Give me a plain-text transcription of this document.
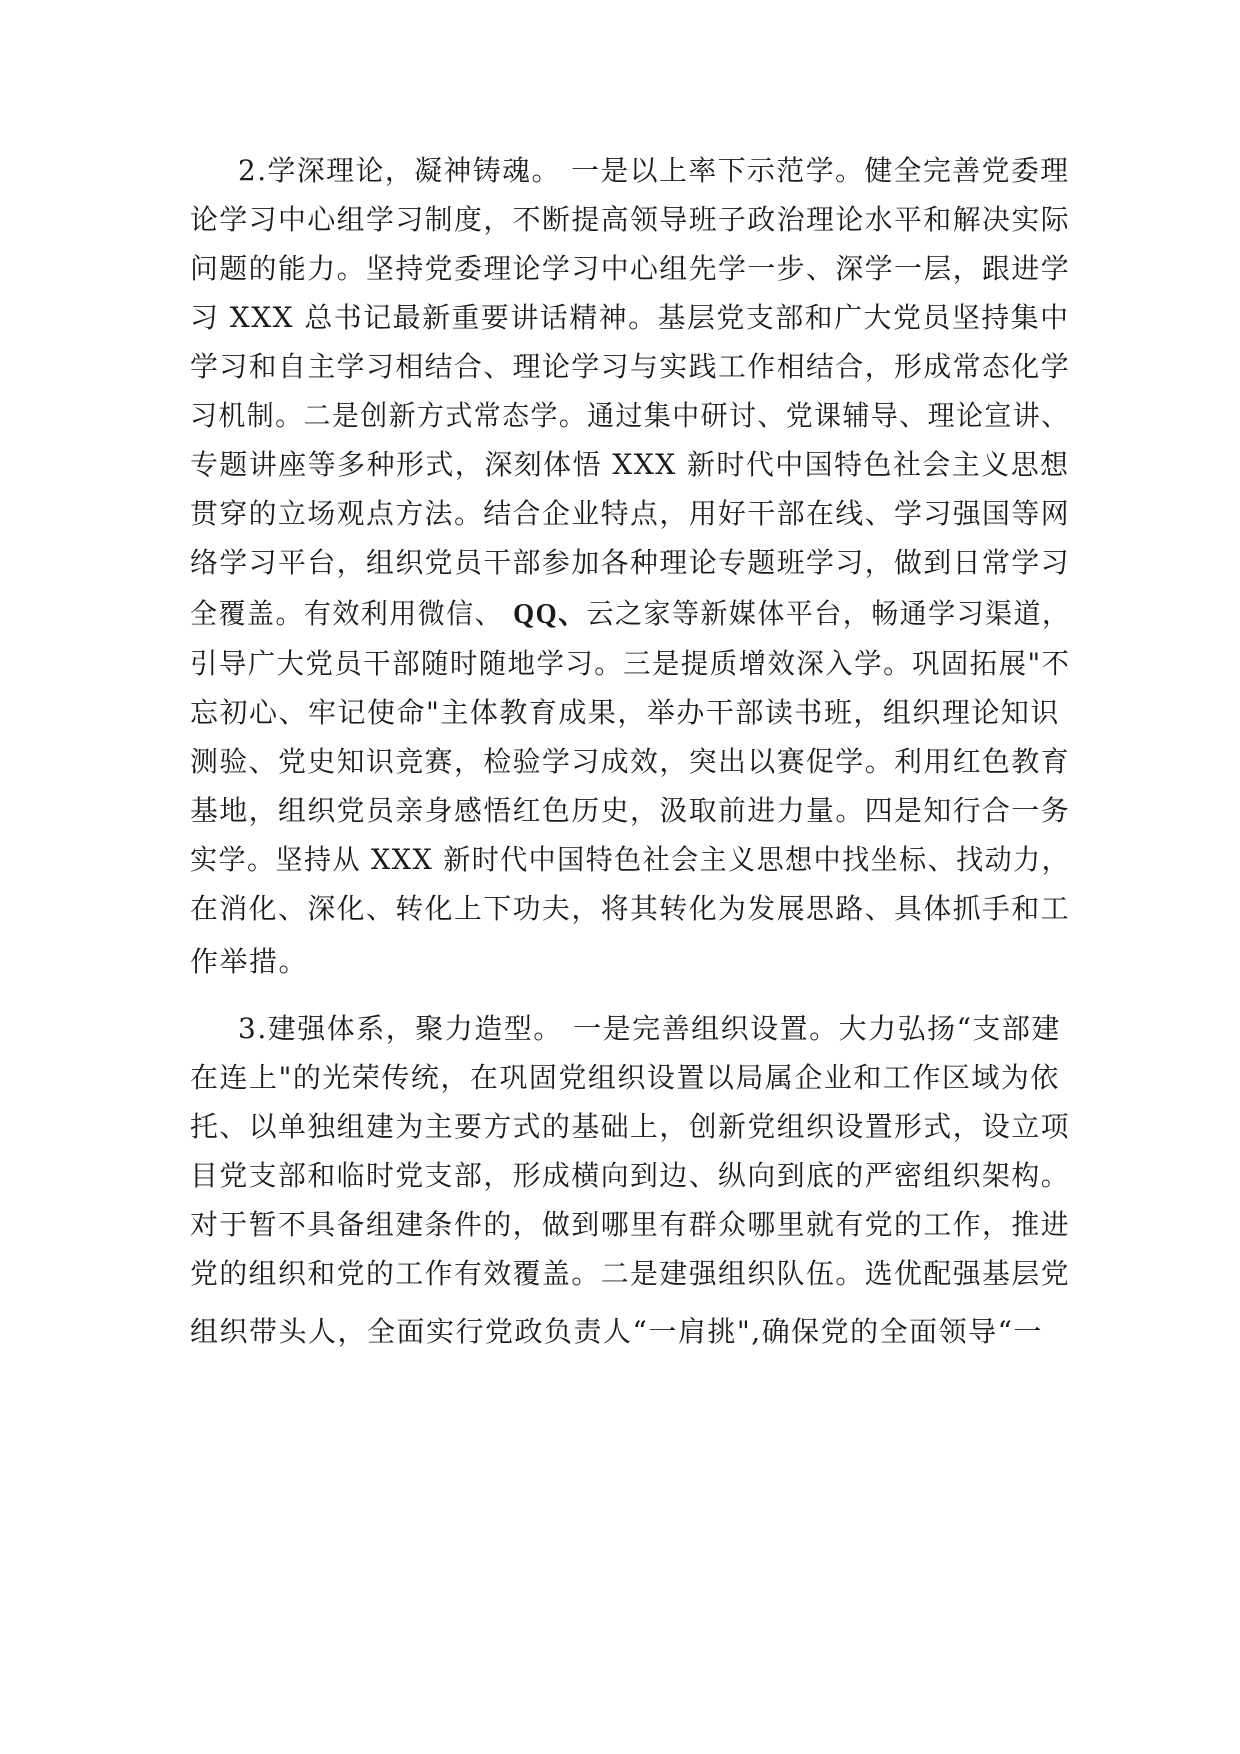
2.学深理论，凝神铸魂。 一是以上率下示范学。健全完善党委理
论学习中心组学习制度，不断提高领导班子政治理论水平和解决实际
问题的能力。坚持党委理论学习中心组先学一步、深学一层，跟进学
习 XXX 总书记最新重要讲话精神。基层党支部和广大党员坚持集中
学习和自主学习相结合、理论学习与实践工作相结合，形成常态化学
习机制。二是创新方式常态学。通过集中研讨、党课辅导、理论宣讲、
专题讲座等多种形式，深刻体悟 XXX 新时代中国特色社会主义思想
贯穿的立场观点方法。结合企业特点，用好干部在线、学习强国等网
络学习平台，组织党员干部参加各种理论专题班学习，做到日常学习
全覆盖。有效利用微信、 QQ、云之家等新媒体平台，畅通学习渠道，
引导广大党员干部随时随地学习。三是提质增效深入学。巩固拓展"不
忘初心、牢记使命"主体教育成果，举办干部读书班，组织理论知识
测验、党史知识竞赛，检验学习成效，突出以赛促学。利用红色教育
基地，组织党员亲身感悟红色历史，汲取前进力量。四是知行合一务
实学。坚持从 XXX 新时代中国特色社会主义思想中找坐标、找动力，
在消化、深化、转化上下功夫，将其转化为发展思路、具体抓手和工
作举措。
3.建强体系，聚力造型。 一是完善组织设置。大力弘扬“支部建
在连上"的光荣传统，在巩固党组织设置以局属企业和工作区域为依
托、以单独组建为主要方式的基础上，创新党组织设置形式，设立项
目党支部和临时党支部，形成横向到边、纵向到底的严密组织架构。
对于暂不具备组建条件的，做到哪里有群众哪里就有党的工作，推进
党的组织和党的工作有效覆盖。二是建强组织队伍。选优配强基层党
组织带头人，全面实行党政负责人“一肩挑",确保党的全面领导“一
